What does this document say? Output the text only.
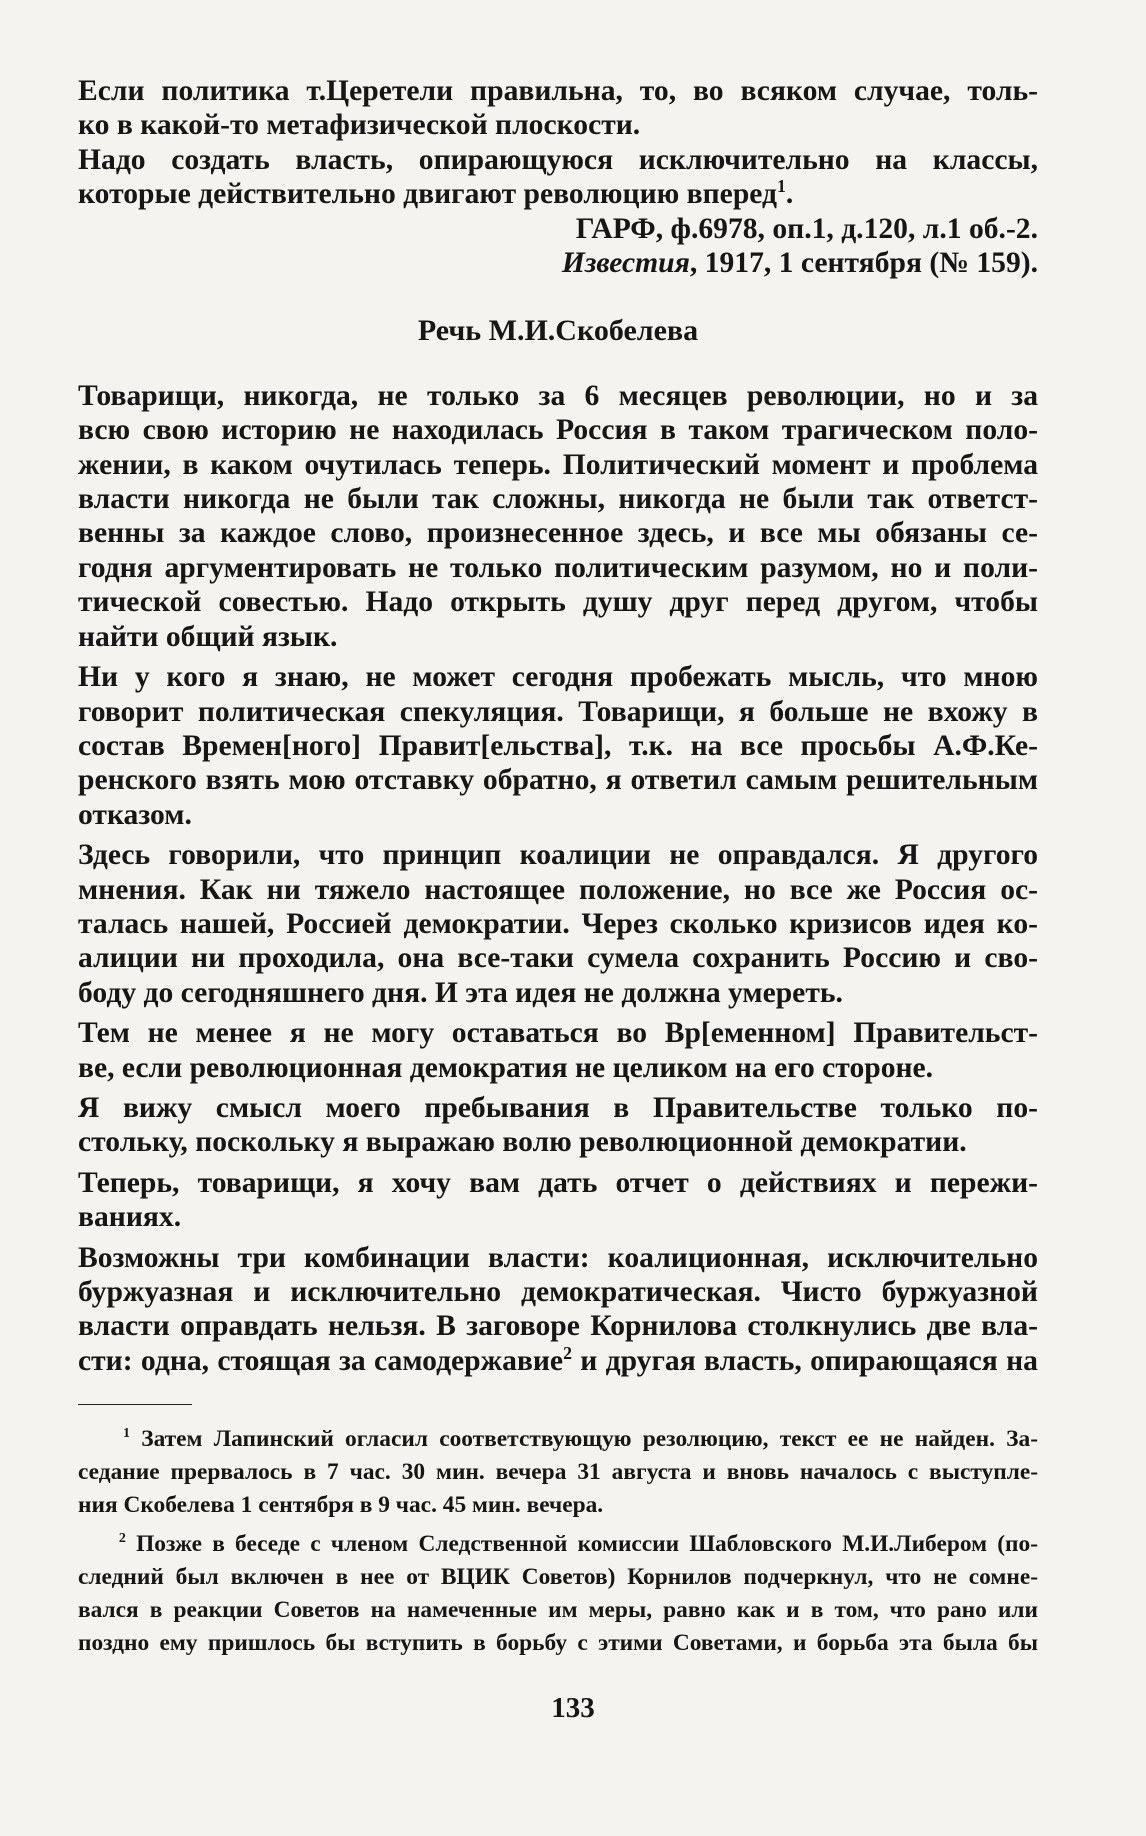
Если политика т.Церетели правильна, то, во всяком случае, толь-
ко в какой-то метафизической плоскости.
Надо создать власть, опирающуюся исключительно на классы,
которые действительно двигают революцию вперед$^1$.
ГАРФ, ф.6978, оп.1, д.120, л.1 об.-2.
Известия, 1917, 1 сентября (№ 159).
Речь М.И.Скобелева
Товарищи, никогда, не только за 6 месяцев революции, но и за
всю свою историю не находилась Россия в таком трагическом поло-
жении, в каком очутилась теперь. Политический момент и проблема
власти никогда не были так сложны, никогда не были так ответст-
венны за каждое слово, произнесенное здесь, и все мы обязаны се-
годня аргументировать не только политическим разумом, но и поли-
тической совестью. Надо открыть душу друг перед другом, чтобы
найти общий язык.
Ни у кого я знаю, не может сегодня пробежать мысль, что мною
говорит политическая спекуляция. Товарищи, я больше не вхожу в
состав Времен[ного] Правит[ельства], т.к. на все просьбы А.Ф.Ке-
ренского взять мою отставку обратно, я ответил самым решительным
отказом.
Здесь говорили, что принцип коалиции не оправдался. Я другого
мнения. Как ни тяжело настоящее положение, но все же Россия ос-
талась нашей, Россией демократии. Через сколько кризисов идея ко-
алиции ни проходила, она все-таки сумела сохранить Россию и сво-
боду до сегодняшнего дня. И эта идея не должна умереть.
Тем не менее я не могу оставаться во Вр[еменном] Правительст-
ве, если революционная демократия не целиком на его стороне.
Я вижу смысл моего пребывания в Правительстве только по-
стольку, поскольку я выражаю волю революционной демократии.
Теперь, товарищи, я хочу вам дать отчет о действиях и пережи-
ваниях.
Возможны три комбинации власти: коалиционная, исключительно
буржуазная и исключительно демократическая. Чисто буржуазной
власти оправдать нельзя. В заговоре Корнилова столкнулись две вла-
сти: одна, стоящая за самодержавие$^2$ и другая власть, опирающаяся на
$^1$ Затем Лапинский огласил соответствующую резолюцию, текст ее не найден. За-
седание прервалось в 7 час. 30 мин. вечера 31 августа и вновь началось с выступле-
ния Скобелева 1 сентября в 9 час. 45 мин. вечера.
$^2$ Позже в беседе с членом Следственной комиссии Шабловского М.И.Либером (по-
следний был включен в нее от ВЦИК Советов) Корнилов подчеркнул, что не сомне-
вался в реакции Советов на намеченные им меры, равно как и в том, что рано или
поздно ему пришлось бы вступить в борьбу с этими Советами, и борьба эта была бы
133
